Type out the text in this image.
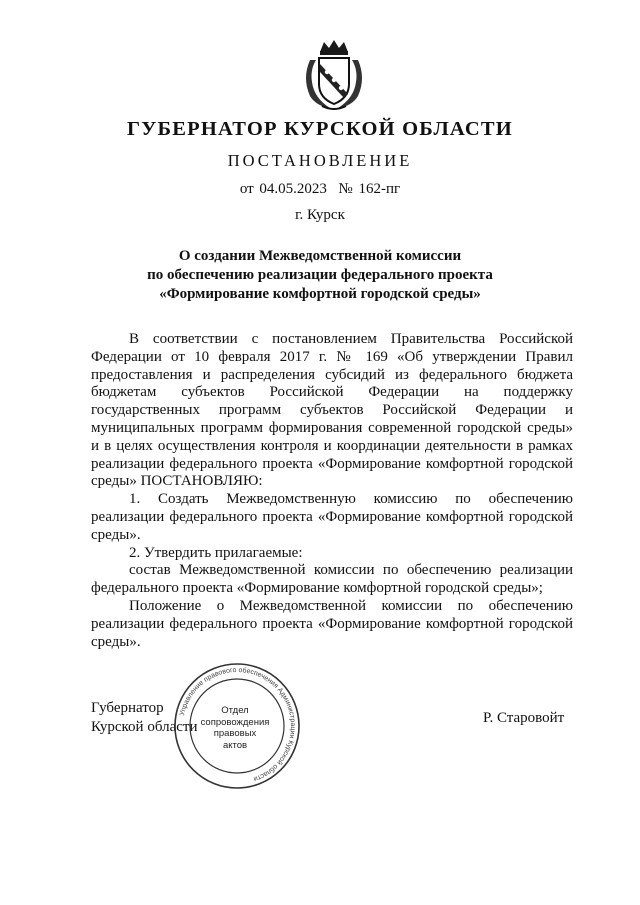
ГУБЕРНАТОР КУРСКОЙ ОБЛАСТИ
ПОСТАНОВЛЕНИЕ
от 04.05.2023  № 162-пг
г. Курск
О создании Межведомственной комиссии
по обеспечению реализации федерального проекта
«Формирование комфортной городской среды»

В соответствии с постановлением Правительства Российской Федерации от 10 февраля 2017 г. № 169 «Об утверждении Правил предоставления и распределения субсидий из федерального бюджета бюджетам субъектов Российской Федерации на поддержку государственных программ субъектов Российской Федерации и муниципальных программ формирования современной городской среды» и в целях осуществления контроля и координации деятельности в рамках реализации федерального проекта «Формирование комфортной городской среды» ПОСТАНОВЛЯЮ:

1. Создать Межведомственную комиссию по обеспечению реализации федерального проекта «Формирование комфортной городской среды».

2. Утвердить прилагаемые:

состав Межведомственной комиссии по обеспечению реализации федерального проекта «Формирование комфортной городской среды»;

Положение о Межведомственной комиссии по обеспечению реализации федерального проекта «Формирование комфортной городской среды».

Губернатор
Курской области
Р. Старовойт
Управление правового обеспечения Администрации Курской области
Отдел
сопровождения
правовых
актов
